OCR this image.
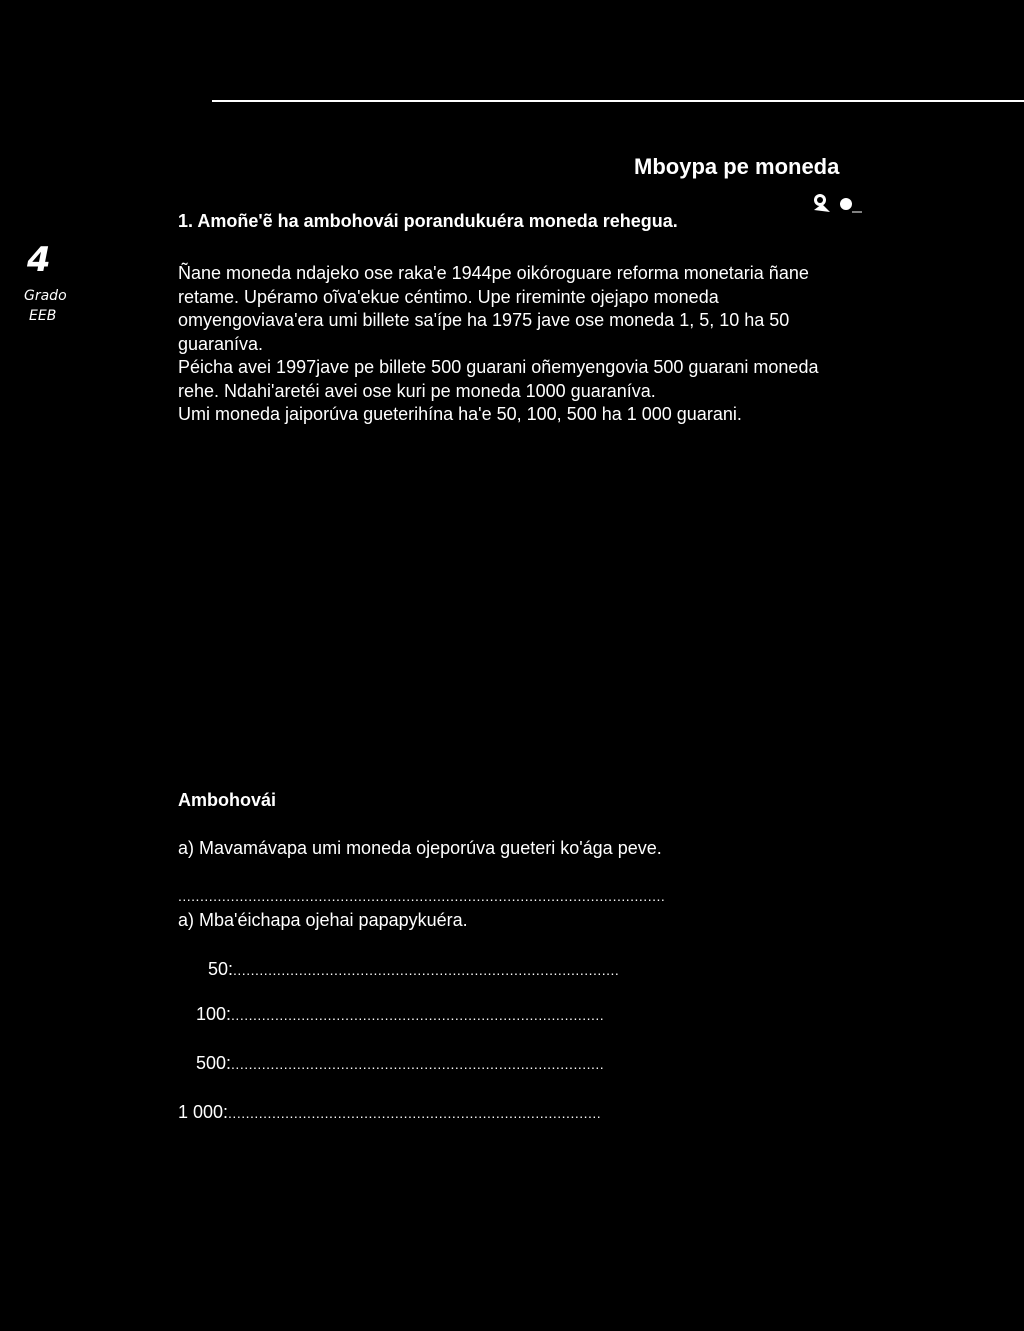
Mboypa pe moneda
4
Grado
EEB
1. Amoñe'ẽ ha ambohovái porandukuéra moneda rehegua.
Ñane moneda ndajeko ose raka'e 1944pe oikóroguare reforma monetaria ñane
retame. Upéramo oĩva'ekue céntimo. Upe rireminte ojejapo moneda
omyengoviava'era umi billete sa'ípe ha 1975 jave ose moneda 1, 5, 10 ha 50
guaraníva.
Péicha avei 1997jave pe billete 500 guarani oñemyengovia 500 guarani moneda
rehe. Ndahi'aretéi avei ose kuri pe moneda 1000 guaraníva.
Umi moneda jaiporúva gueterihína ha'e 50, 100, 500 ha 1 000 guarani.
Ambohovái
a) Mavamávapa umi moneda ojeporúva gueteri ko'ága peve.
...............................................................................................................
a) Mba'éichapa ojehai papapykuéra.
50:........................................................................................
100:.....................................................................................
500:.....................................................................................
1 000:.....................................................................................
